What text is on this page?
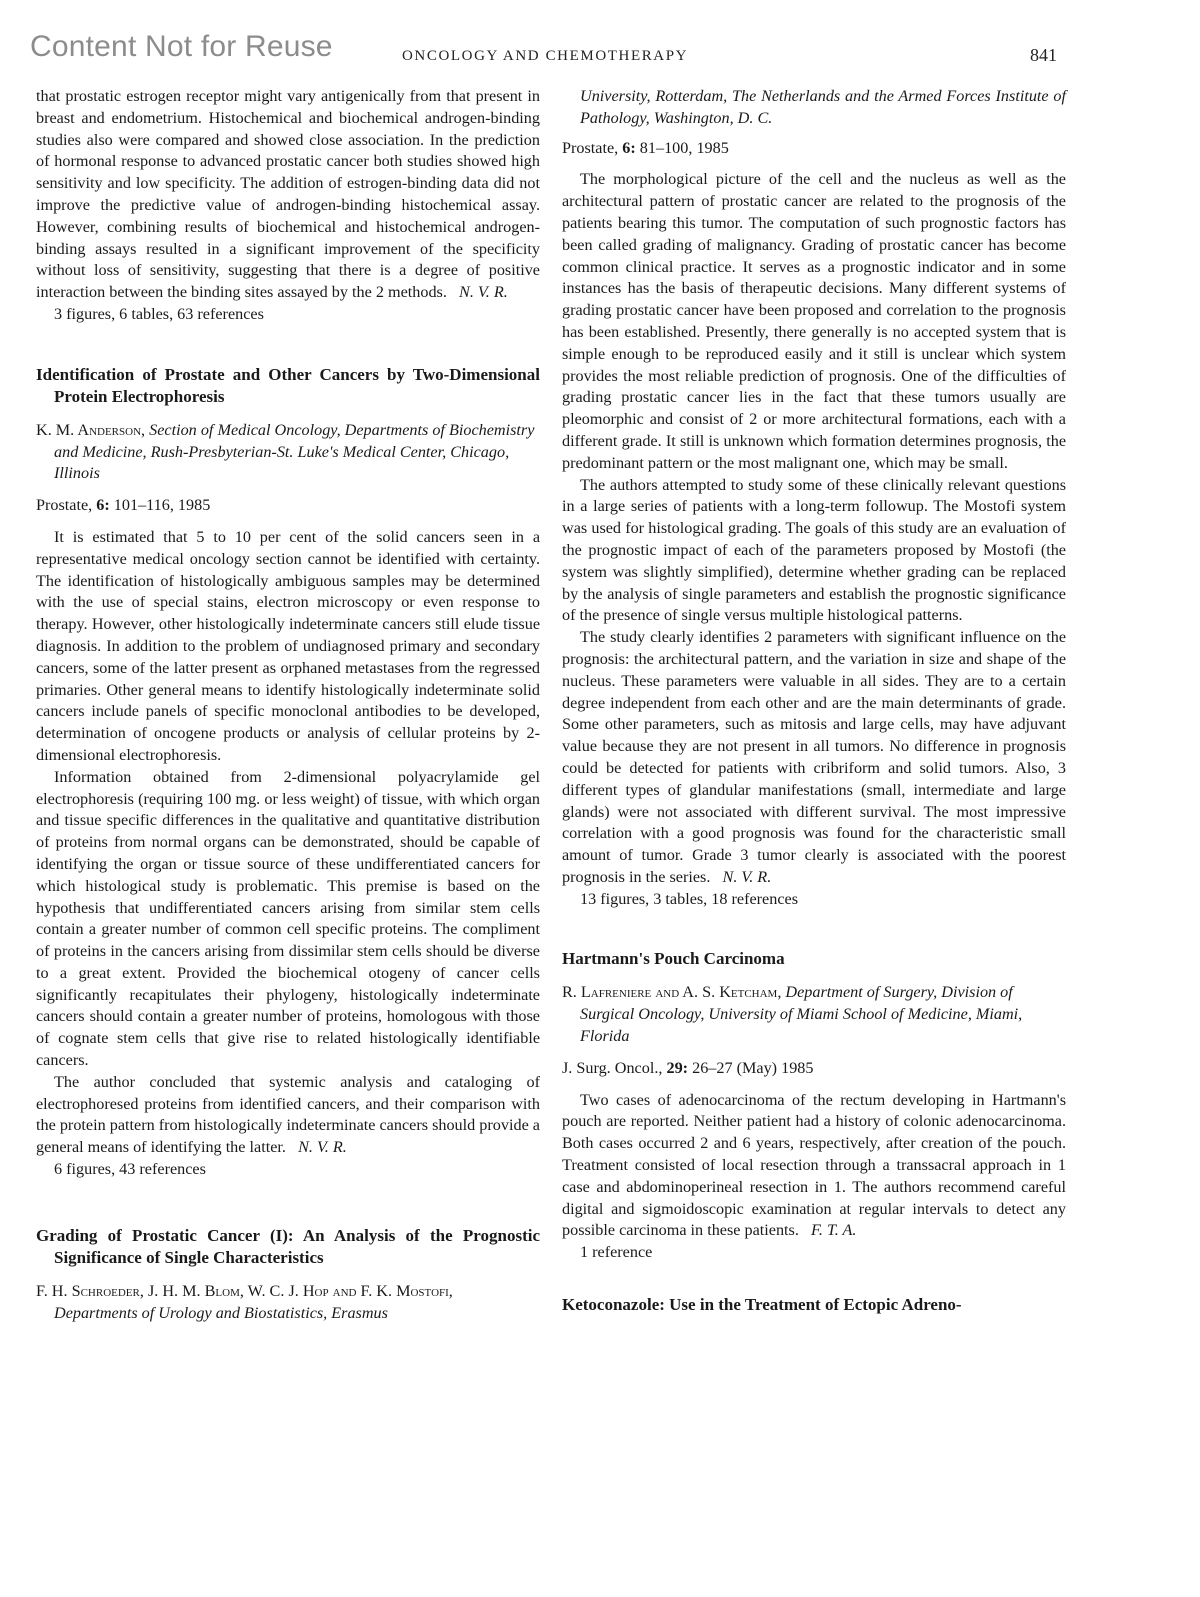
Content Not for Reuse	ONCOLOGY AND CHEMOTHERAPY	841

that prostatic estrogen receptor might vary antigenically from that present in breast and endometrium. Histochemical and biochemical androgen-binding studies also were compared and showed close association. In the prediction of hormonal response to advanced prostatic cancer both studies showed high sensitivity and low specificity. The addition of estrogen-binding data did not improve the predictive value of androgen-binding histochemical assay. However, combining results of biochemical and histochemical androgen-binding assays resulted in a significant improvement of the specificity without loss of sensitivity, suggesting that there is a degree of positive interaction between the binding sites assayed by the 2 methods. N. V. R.

3 figures, 6 tables, 63 references

Identification of Prostate and Other Cancers by Two-Dimensional Protein Electrophoresis

K. M. Anderson, Section of Medical Oncology, Departments of Biochemistry and Medicine, Rush-Presbyterian-St. Luke's Medical Center, Chicago, Illinois

Prostate, 6: 101–116, 1985

It is estimated that 5 to 10 per cent of the solid cancers seen in a representative medical oncology section cannot be identified with certainty. The identification of histologically ambiguous samples may be determined with the use of special stains, electron microscopy or even response to therapy. However, other histologically indeterminate cancers still elude tissue diagnosis. In addition to the problem of undiagnosed primary and secondary cancers, some of the latter present as orphaned metastases from the regressed primaries. Other general means to identify histologically indeterminate solid cancers include panels of specific monoclonal antibodies to be developed, determination of oncogene products or analysis of cellular proteins by 2-dimensional electrophoresis.

Information obtained from 2-dimensional polyacrylamide gel electrophoresis (requiring 100 mg. or less weight) of tissue, with which organ and tissue specific differences in the qualitative and quantitative distribution of proteins from normal organs can be demonstrated, should be capable of identifying the organ or tissue source of these undifferentiated cancers for which histological study is problematic. This premise is based on the hypothesis that undifferentiated cancers arising from similar stem cells contain a greater number of common cell specific proteins. The compliment of proteins in the cancers arising from dissimilar stem cells should be diverse to a great extent. Provided the biochemical otogeny of cancer cells significantly recapitulates their phylogeny, histologically indeterminate cancers should contain a greater number of proteins, homologous with those of cognate stem cells that give rise to related histologically identifiable cancers.

The author concluded that systemic analysis and cataloging of electrophoresed proteins from identified cancers, and their comparison with the protein pattern from histologically indeterminate cancers should provide a general means of identifying the latter. N. V. R.

6 figures, 43 references

Grading of Prostatic Cancer (I): An Analysis of the Prognostic Significance of Single Characteristics

F. H. Schroeder, J. H. M. Blom, W. C. J. Hop and F. K. Mostofi, Departments of Urology and Biostatistics, Erasmus

University, Rotterdam, The Netherlands and the Armed Forces Institute of Pathology, Washington, D. C.

Prostate, 6: 81–100, 1985

The morphological picture of the cell and the nucleus as well as the architectural pattern of prostatic cancer are related to the prognosis of the patients bearing this tumor. The computation of such prognostic factors has been called grading of malignancy. Grading of prostatic cancer has become common clinical practice. It serves as a prognostic indicator and in some instances has the basis of therapeutic decisions. Many different systems of grading prostatic cancer have been proposed and correlation to the prognosis has been established. Presently, there generally is no accepted system that is simple enough to be reproduced easily and it still is unclear which system provides the most reliable prediction of prognosis. One of the difficulties of grading prostatic cancer lies in the fact that these tumors usually are pleomorphic and consist of 2 or more architectural formations, each with a different grade. It still is unknown which formation determines prognosis, the predominant pattern or the most malignant one, which may be small.

The authors attempted to study some of these clinically relevant questions in a large series of patients with a long-term followup. The Mostofi system was used for histological grading. The goals of this study are an evaluation of the prognostic impact of each of the parameters proposed by Mostofi (the system was slightly simplified), determine whether grading can be replaced by the analysis of single parameters and establish the prognostic significance of the presence of single versus multiple histological patterns.

The study clearly identifies 2 parameters with significant influence on the prognosis: the architectural pattern, and the variation in size and shape of the nucleus. These parameters were valuable in all sides. They are to a certain degree independent from each other and are the main determinants of grade. Some other parameters, such as mitosis and large cells, may have adjuvant value because they are not present in all tumors. No difference in prognosis could be detected for patients with cribriform and solid tumors. Also, 3 different types of glandular manifestations (small, intermediate and large glands) were not associated with different survival. The most impressive correlation with a good prognosis was found for the characteristic small amount of tumor. Grade 3 tumor clearly is associated with the poorest prognosis in the series. N. V. R.

13 figures, 3 tables, 18 references

Hartmann's Pouch Carcinoma

R. Lafreniere and A. S. Ketcham, Department of Surgery, Division of Surgical Oncology, University of Miami School of Medicine, Miami, Florida

J. Surg. Oncol., 29: 26–27 (May) 1985

Two cases of adenocarcinoma of the rectum developing in Hartmann's pouch are reported. Neither patient had a history of colonic adenocarcinoma. Both cases occurred 2 and 6 years, respectively, after creation of the pouch. Treatment consisted of local resection through a transsacral approach in 1 case and abdominoperineal resection in 1. The authors recommend careful digital and sigmoidoscopic examination at regular intervals to detect any possible carcinoma in these patients. F. T. A.

1 reference

Ketoconazole: Use in the Treatment of Ectopic Adreno-
